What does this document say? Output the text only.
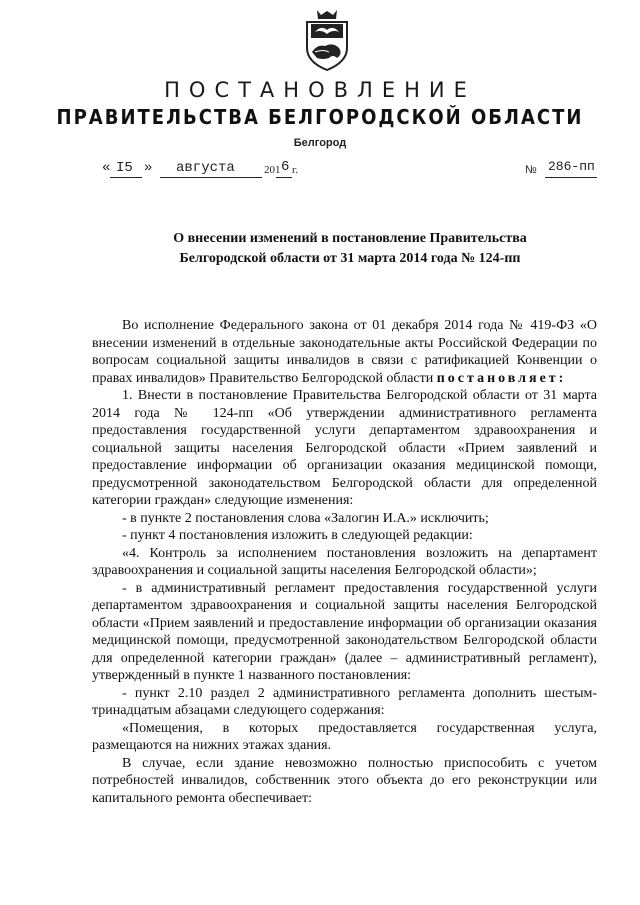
ПОСТАНОВЛЕНИЕ
ПРАВИТЕЛЬСТВА БЕЛГОРОДСКОЙ ОБЛАСТИ
Белгород
« I5 » августа	201 6 г.	№ 286-пп
О внесении изменений в постановление Правительства
Белгородской области от 31 марта 2014 года № 124-пп

Во исполнение Федерального закона от 01 декабря 2014 года № 419-ФЗ «О внесении изменений в отдельные законодательные акты Российской Федерации по вопросам социальной защиты инвалидов в связи с ратификацией Конвенции о правах инвалидов» Правительство Белгородской области постановляет:

1. Внести в постановление Правительства Белгородской области от 31 марта 2014 года № 124-пп «Об утверждении административного регламента предоставления государственной услуги департаментом здравоохранения и социальной защиты населения Белгородской области «Прием заявлений и предоставление информации об организации оказания медицинской помощи, предусмотренной законодательством Белгородской области для определенной категории граждан» следующие изменения:

- в пункте 2 постановления слова «Залогин И.А.» исключить;

- пункт 4 постановления изложить в следующей редакции:

«4. Контроль за исполнением постановления возложить на департамент здравоохранения и социальной защиты населения Белгородской области»;

- в административный регламент предоставления государственной услуги департаментом здравоохранения и социальной защиты населения Белгородской области «Прием заявлений и предоставление информации об организации оказания медицинской помощи, предусмотренной законодательством Белгородской области для определенной категории граждан» (далее – административный регламент), утвержденный в пункте 1 названного постановления:

- пункт 2.10 раздел 2 административного регламента дополнить шестым-тринадцатым абзацами следующего содержания:

«Помещения, в которых предоставляется государственная услуга, размещаются на нижних этажах здания.

В случае, если здание невозможно полностью приспособить с учетом потребностей инвалидов, собственник этого объекта до его реконструкции или капитального ремонта обеспечивает:
